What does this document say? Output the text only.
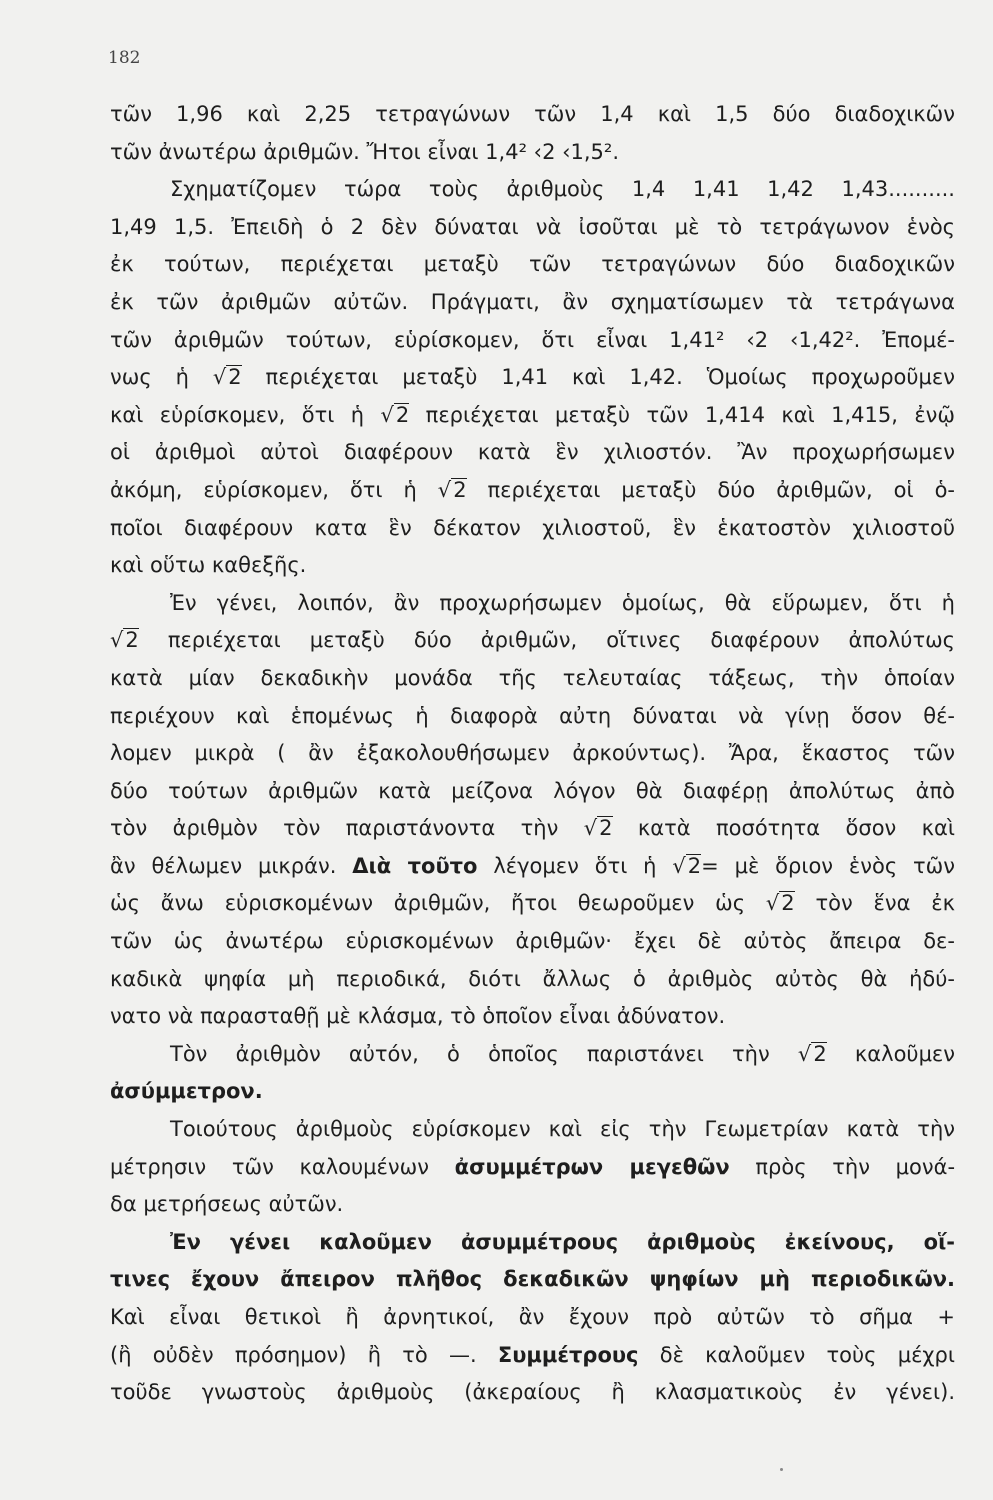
182
τῶν 1,96 καὶ 2,25 τετραγώνων τῶν 1,4 καὶ 1,5 δύο διαδοχικῶν
τῶν ἀνωτέρω ἀριθμῶν. Ἤτοι εἶναι 1,4² ‹2 ‹1,5².
Σχηματίζομεν τώρα τοὺς ἀριθμοὺς 1,4 1,41 1,42 1,43..........
1,49 1,5. Ἐπειδὴ ὁ 2 δὲν δύναται νὰ ἰσοῦται μὲ τὸ τετράγωνον ἑνὸς
ἐκ τούτων, περιέχεται μεταξὺ τῶν τετραγώνων δύο διαδοχικῶν
ἐκ τῶν ἀριθμῶν αὐτῶν. Πράγματι, ἂν σχηματίσωμεν τὰ τετράγωνα
τῶν ἀριθμῶν τούτων, εὑρίσκομεν, ὅτι εἶναι 1,41² ‹2 ‹1,42². Ἐπομέ-
νως ἡ √2 περιέχεται μεταξὺ 1,41 καὶ 1,42. Ὁμοίως προχωροῦμεν
καὶ εὑρίσκομεν, ὅτι ἡ √2 περιέχεται μεταξὺ τῶν 1,414 καὶ 1,415, ἐνῷ
οἱ ἀριθμοὶ αὐτοὶ διαφέρουν κατὰ ἓν χιλιοστόν. Ἂν προχωρήσωμεν
ἀκόμη, εὑρίσκομεν, ὅτι ἡ √2 περιέχεται μεταξὺ δύο ἀριθμῶν, οἱ ὁ-
ποῖοι διαφέρουν κατα ἓν δέκατον χιλιοστοῦ, ἓν ἑκατοστὸν χιλιοστοῦ
καὶ οὕτω καθεξῆς.
Ἐν γένει, λοιπόν, ἂν προχωρήσωμεν ὁμοίως, θὰ εὕρωμεν, ὅτι ἡ
√2 περιέχεται μεταξὺ δύο ἀριθμῶν, οἵτινες διαφέρουν ἀπολύτως
κατὰ μίαν δεκαδικὴν μονάδα τῆς τελευταίας τάξεως, τὴν ὁποίαν
περιέχουν καὶ ἑπομένως ἡ διαφορὰ αὐτη δύναται νὰ γίνῃ ὅσον θέ-
λομεν μικρὰ ( ἂν ἐξακολουθήσωμεν ἀρκούντως). Ἄρα, ἕκαστος τῶν
δύο τούτων ἀριθμῶν κατὰ μείζονα λόγον θὰ διαφέρῃ ἀπολύτως ἀπὸ
τὸν ἀριθμὸν τὸν παριστάνοντα τὴν √2 κατὰ ποσότητα ὅσον καὶ
ἂν θέλωμεν μικράν. Διὰ τοῦτο λέγομεν ὅτι ἡ √2= μὲ ὅριον ἑνὸς τῶν
ὡς ἄνω εὑρισκομένων ἀριθμῶν, ἤτοι θεωροῦμεν ὡς √2 τὸν ἕνα ἐκ
τῶν ὡς ἀνωτέρω εὑρισκομένων ἀριθμῶν· ἔχει δὲ αὐτὸς ἄπειρα δε-
καδικὰ ψηφία μὴ περιοδικά, διότι ἄλλως ὁ ἀριθμὸς αὐτὸς θὰ ἠδύ-
νατο νὰ παρασταθῇ μὲ κλάσμα, τὸ ὁποῖον εἶναι ἀδύνατον.
Τὸν ἀριθμὸν αὐτόν, ὁ ὁποῖος παριστάνει τὴν √2 καλοῦμεν
ἀσύμμετρον.
Τοιούτους ἀριθμοὺς εὑρίσκομεν καὶ εἰς τὴν Γεωμετρίαν κατὰ τὴν
μέτρησιν τῶν καλουμένων ἀσυμμέτρων μεγεθῶν πρὸς τὴν μονά-
δα μετρήσεως αὐτῶν.
Ἐν γένει καλοῦμεν ἀσυμμέτρους ἀριθμοὺς ἐκείνους, οἵ-
τινες ἔχουν ἄπειρον πλῆθος δεκαδικῶν ψηφίων μὴ περιοδικῶν.
Καὶ εἶναι θετικοὶ ἢ ἀρνητικοί, ἂν ἔχουν πρὸ αὐτῶν τὸ σῆμα +
(ἢ οὐδὲν πρόσημον) ἢ τὸ —. Συμμέτρους δὲ καλοῦμεν τοὺς μέχρι
τοῦδε γνωστοὺς ἀριθμοὺς (ἀκεραίους ἢ κλασματικοὺς ἐν γένει).
